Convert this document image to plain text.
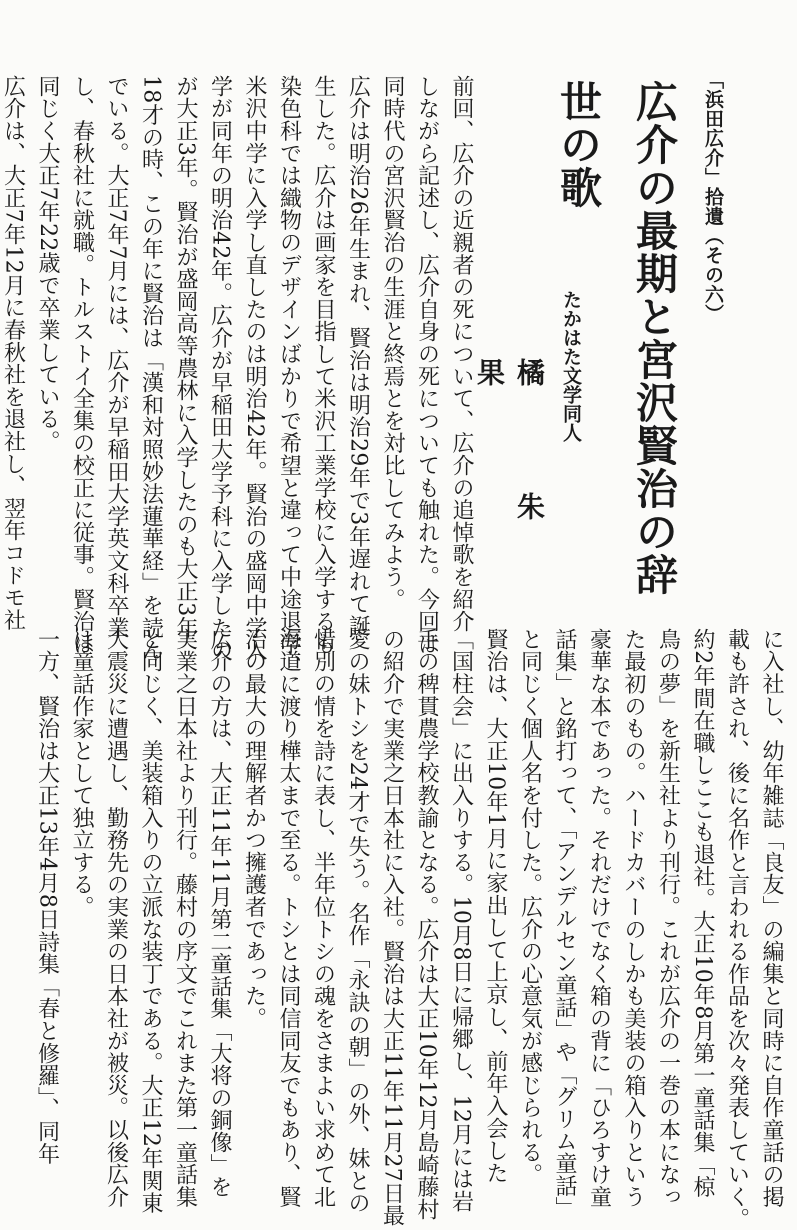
「浜田広介」拾遺（その六）
広介の最期と宮沢賢治の辞世の歌
たかはた文学同人
橘 朱果
前回、広介の近親者の死について、広介の追悼歌を紹介
しながら記述し、広介自身の死についても触れた。今回は
同時代の宮沢賢治の生涯と終焉とを対比してみよう。
広介は明治26年生まれ、賢治は明治29年で3年遅れて誕
生した。広介は画家を目指して米沢工業学校に入学するも
染色科では織物のデザインばかりで希望と違って中途退学、
米沢中学に入学し直したのは明治42年。賢治の盛岡中学入
学が同年の明治42年。広介が早稲田大学予科に入学したの
が大正3年。賢治が盛岡高等農林に入学したのも大正3年
18才の時、この年に賢治は「漢和対照妙法蓮華経」を読ん
でいる。大正7年7月には、広介が早稲田大学英文科卒業
し、春秋社に就職。トルストイ全集の校正に従事。賢治は
同じく大正7年22歳で卒業している。
広介は、大正7年12月に春秋社を退社し、翌年コドモ社
に入社し、幼年雑誌「良友」の編集と同時に自作童話の掲
載も許され、後に名作と言われる作品を次々発表していく。
約2年間在職しここも退社。大正10年8月第一童話集「椋
鳥の夢」を新生社より刊行。これが広介の一巻の本になっ
た最初のもの。ハードカバーのしかも美装の箱入りという
豪華な本であった。それだけでなく箱の背に「ひろすけ童
話集」と銘打って、「アンデルセン童話」や「グリム童話」
と同じく個人名を付した。広介の心意気が感じられる。
賢治は、大正10年1月に家出して上京し、前年入会した
「国柱会」に出入りする。10月8日に帰郷し、12月には岩
手の稗貫農学校教諭となる。広介は大正10年12月島崎藤村
の紹介で実業之日本社に入社。賢治は大正11年11月27日最
愛の妹トシを24才で失う。名作「永訣の朝」の外、妹との
惜別の情を詩に表し、半年位トシの魂をさまよい求めて北
海道に渡り樺太まで至る。トシとは同信同友でもあり、賢
治の最大の理解者かつ擁護者であった。
広介の方は、大正11年11月第二童話集「大将の銅像」を
実業之日本社より刊行。藤村の序文でこれまた第一童話集
と同じく、美装箱入りの立派な装丁である。大正12年関東
大震災に遭遇し、勤務先の実業の日本社が被災。以後広介
は童話作家として独立する。
一方、賢治は大正13年4月8日詩集「春と修羅」、同年
